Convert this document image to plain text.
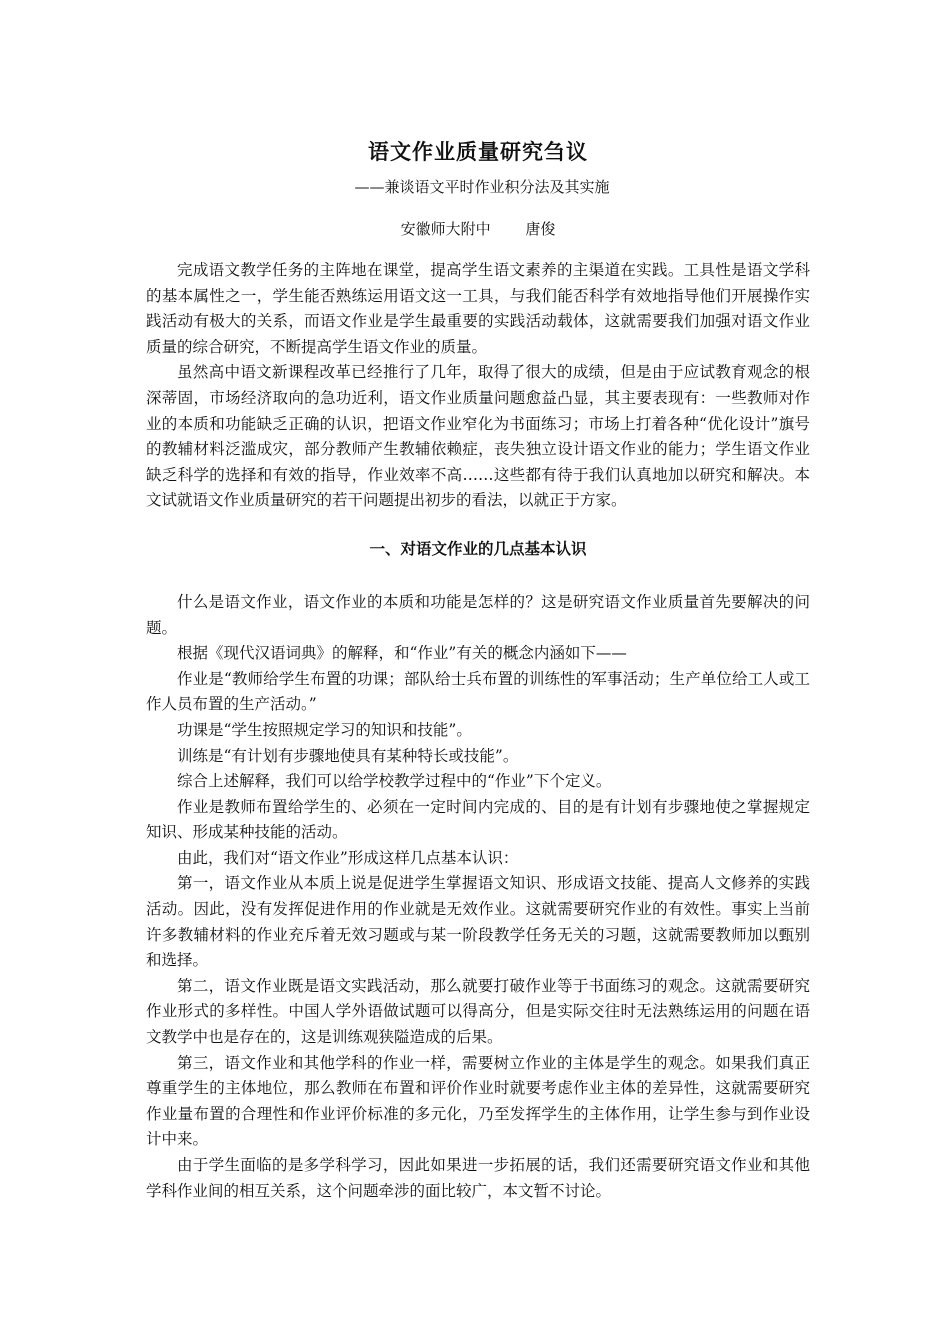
语文作业质量研究刍议
——兼谈语文平时作业积分法及其实施
安徽师大附中 唐俊

完成语文教学任务的主阵地在课堂，提高学生语文素养的主渠道在实践。工具性是语文学科的基本属性之一，学生能否熟练运用语文这一工具，与我们能否科学有效地指导他们开展操作实践活动有极大的关系，而语文作业是学生最重要的实践活动载体，这就需要我们加强对语文作业质量的综合研究，不断提高学生语文作业的质量。

虽然高中语文新课程改革已经推行了几年，取得了很大的成绩，但是由于应试教育观念的根深蒂固，市场经济取向的急功近利，语文作业质量问题愈益凸显，其主要表现有：一些教师对作业的本质和功能缺乏正确的认识，把语文作业窄化为书面练习；市场上打着各种“优化设计”旗号的教辅材料泛滥成灾，部分教师产生教辅依赖症，丧失独立设计语文作业的能力；学生语文作业缺乏科学的选择和有效的指导，作业效率不高……这些都有待于我们认真地加以研究和解决。本文试就语文作业质量研究的若干问题提出初步的看法，以就正于方家。

一、对语文作业的几点基本认识

什么是语文作业，语文作业的本质和功能是怎样的？这是研究语文作业质量首先要解决的问题。

根据《现代汉语词典》的解释，和“作业”有关的概念内涵如下——

作业是“教师给学生布置的功课；部队给士兵布置的训练性的军事活动；生产单位给工人或工作人员布置的生产活动。”

功课是“学生按照规定学习的知识和技能”。

训练是“有计划有步骤地使具有某种特长或技能”。

综合上述解释，我们可以给学校教学过程中的“作业”下个定义。

作业是教师布置给学生的、必须在一定时间内完成的、目的是有计划有步骤地使之掌握规定知识、形成某种技能的活动。

由此，我们对“语文作业”形成这样几点基本认识：

第一，语文作业从本质上说是促进学生掌握语文知识、形成语文技能、提高人文修养的实践活动。因此，没有发挥促进作用的作业就是无效作业。这就需要研究作业的有效性。事实上当前许多教辅材料的作业充斥着无效习题或与某一阶段教学任务无关的习题，这就需要教师加以甄别和选择。

第二，语文作业既是语文实践活动，那么就要打破作业等于书面练习的观念。这就需要研究作业形式的多样性。中国人学外语做试题可以得高分，但是实际交往时无法熟练运用的问题在语文教学中也是存在的，这是训练观狭隘造成的后果。

第三，语文作业和其他学科的作业一样，需要树立作业的主体是学生的观念。如果我们真正尊重学生的主体地位，那么教师在布置和评价作业时就要考虑作业主体的差异性，这就需要研究作业量布置的合理性和作业评价标准的多元化，乃至发挥学生的主体作用，让学生参与到作业设计中来。

由于学生面临的是多学科学习，因此如果进一步拓展的话，我们还需要研究语文作业和其他学科作业间的相互关系，这个问题牵涉的面比较广，本文暂不讨论。
